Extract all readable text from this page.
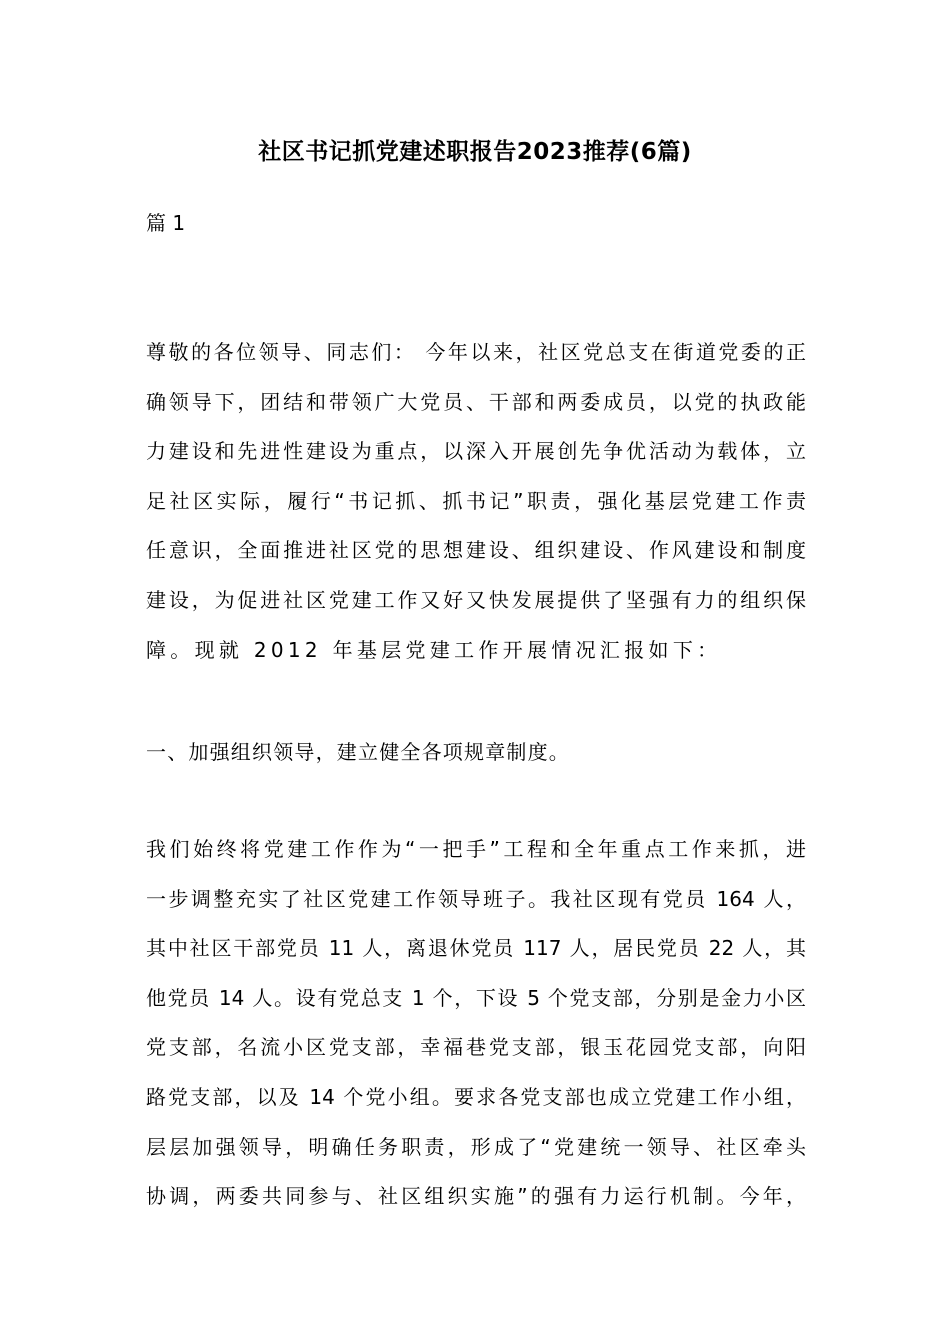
社区书记抓党建述职报告2023推荐(6篇)
篇 1
尊敬的各位领导、同志们： 今年以来，社区党总支在街道党委的正
确领导下，团结和带领广大党员、干部和两委成员，以党的执政能
力建设和先进性建设为重点，以深入开展创先争优活动为载体，立
足社区实际，履行“书记抓、抓书记”职责，强化基层党建工作责
任意识，全面推进社区党的思想建设、组织建设、作风建设和制度
建设，为促进社区党建工作又好又快发展提供了坚强有力的组织保
障。现就 2012 年基层党建工作开展情况汇报如下：
一、加强组织领导，建立健全各项规章制度。
我们始终将党建工作作为“一把手”工程和全年重点工作来抓，进
一步调整充实了社区党建工作领导班子。我社区现有党员 164 人，
其中社区干部党员 11 人，离退休党员 117 人，居民党员 22 人，其
他党员 14 人。设有党总支 1 个，下设 5 个党支部，分别是金力小区
党支部，名流小区党支部，幸福巷党支部，银玉花园党支部，向阳
路党支部，以及 14 个党小组。要求各党支部也成立党建工作小组，
层层加强领导，明确任务职责，形成了“党建统一领导、社区牵头
协调，两委共同参与、社区组织实施”的强有力运行机制。今年，
